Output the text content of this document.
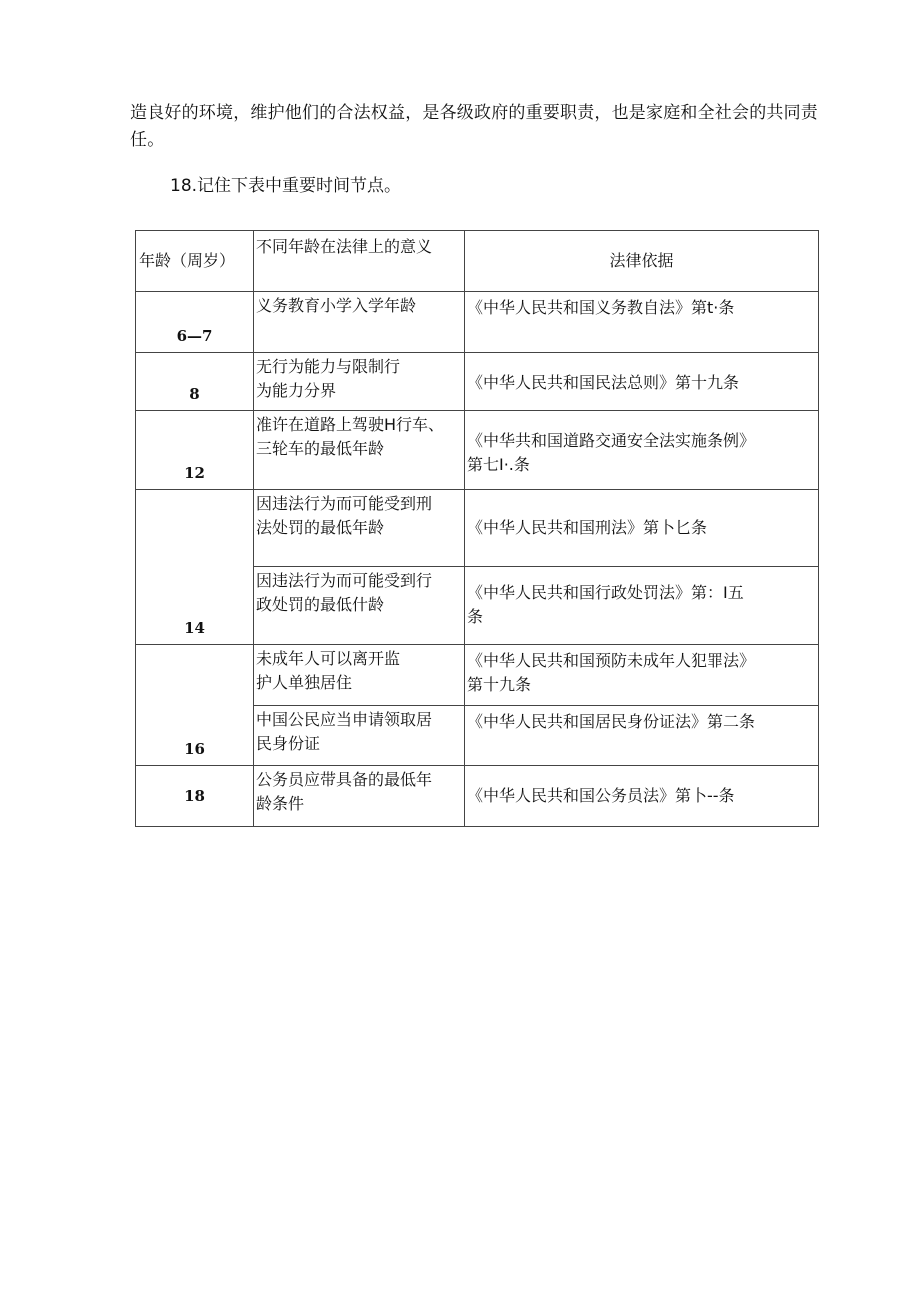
造良好的环境，维护他们的合法权益，是各级政府的重要职责，也是家庭和全社会的共同责任。
18.记住下表中重要时间节点。
年龄（周岁）	不同年龄在法律上的意义	法律依据

6—7	义务教育小学入学年龄	《中华人民共和国义务教自法》第t·条

8	无行为能力与限制行
为能力分界	《中华人民共和国民法总则》第十九条

12	准许在道路上驾驶H行车、
三轮车的最低年龄	《中华共和国道路交通安全法实施条例》
第七I·.条

14	因违法行为而可能受到刑
法处罚的最低年龄	《中华人民共和国刑法》第卜匕条

	因违法行为而可能受到行
政处罚的最低什龄	《中华人民共和国行政处罚法》第：I五
条

16	未成年人可以离开监
护人单独居住	《中华人民共和国预防未成年人犯罪法》
第十九条

	中国公民应当申请领取居
民身份证	《中华人民共和国居民身份证法》第二条

18	公务员应带具备的最低年
龄条件	《中华人民共和国公务员法》第卜--条
